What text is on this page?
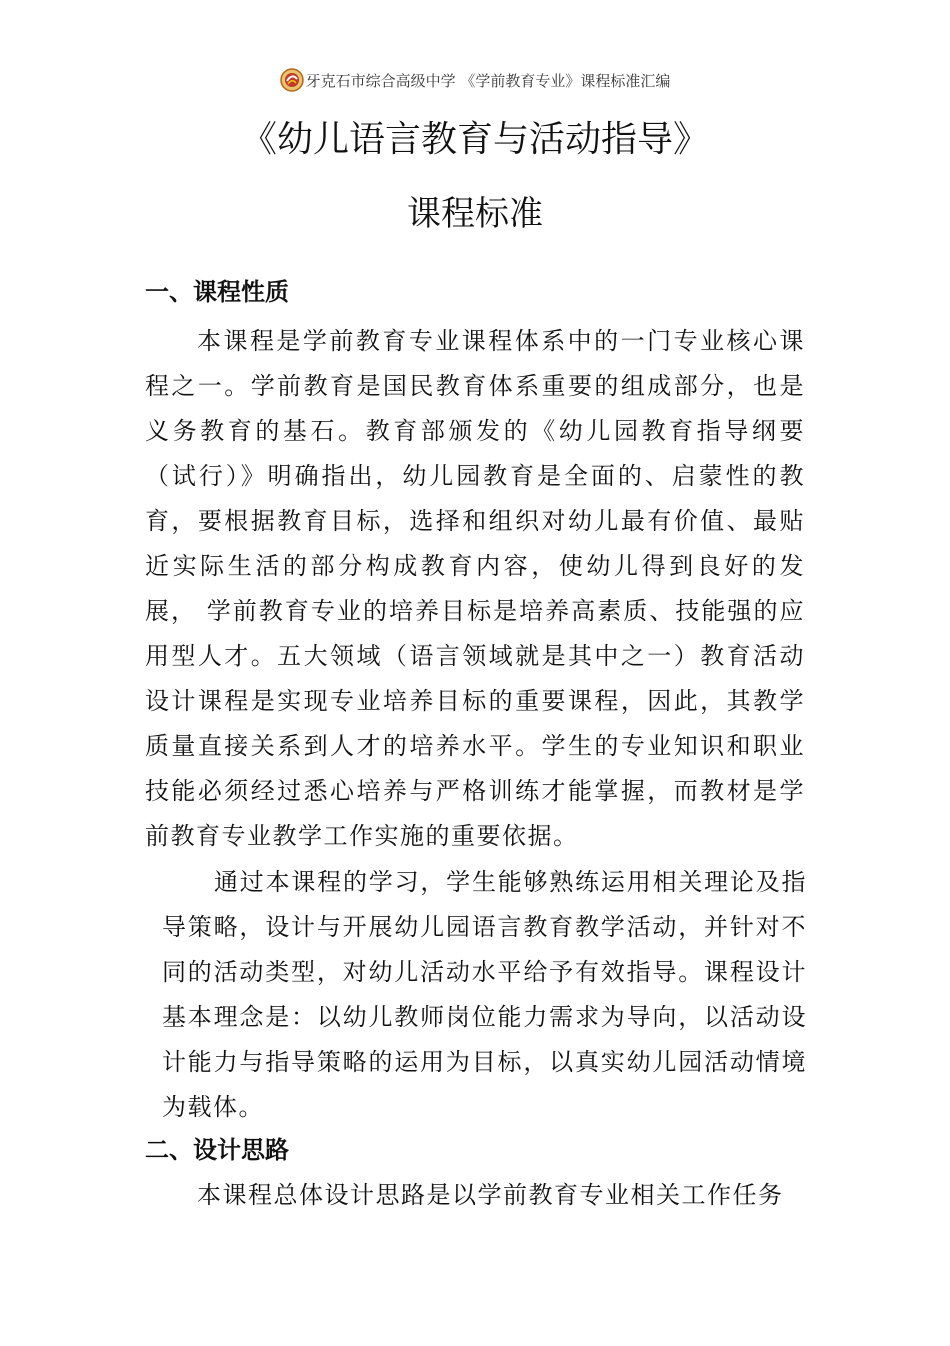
牙克石市综合高级中学 《学前教育专业》课程标准汇编
《幼儿语言教育与活动指导》
课程标准
一、课程性质
本课程是学前教育专业课程体系中的一门专业核心课程之一。学前教育是国民教育体系重要的组成部分，也是义务教育的基石。教育部颁发的《幼儿园教育指导纲要（试行）》明确指出，幼儿园教育是全面的、启蒙性的教育，要根据教育目标，选择和组织对幼儿最有价值、最贴近实际生活的部分构成教育内容，使幼儿得到良好的发展， 学前教育专业的培养目标是培养高素质、技能强的应用型人才。五大领域（语言领域就是其中之一）教育活动设计课程是实现专业培养目标的重要课程，因此，其教学质量直接关系到人才的培养水平。学生的专业知识和职业技能必须经过悉心培养与严格训练才能掌握，而教材是学前教育专业教学工作实施的重要依据。
通过本课程的学习，学生能够熟练运用相关理论及指导策略，设计与开展幼儿园语言教育教学活动，并针对不同的活动类型，对幼儿活动水平给予有效指导。课程设计基本理念是：以幼儿教师岗位能力需求为导向，以活动设计能力与指导策略的运用为目标，以真实幼儿园活动情境为载体。
二、设计思路
本课程总体设计思路是以学前教育专业相关工作任务
